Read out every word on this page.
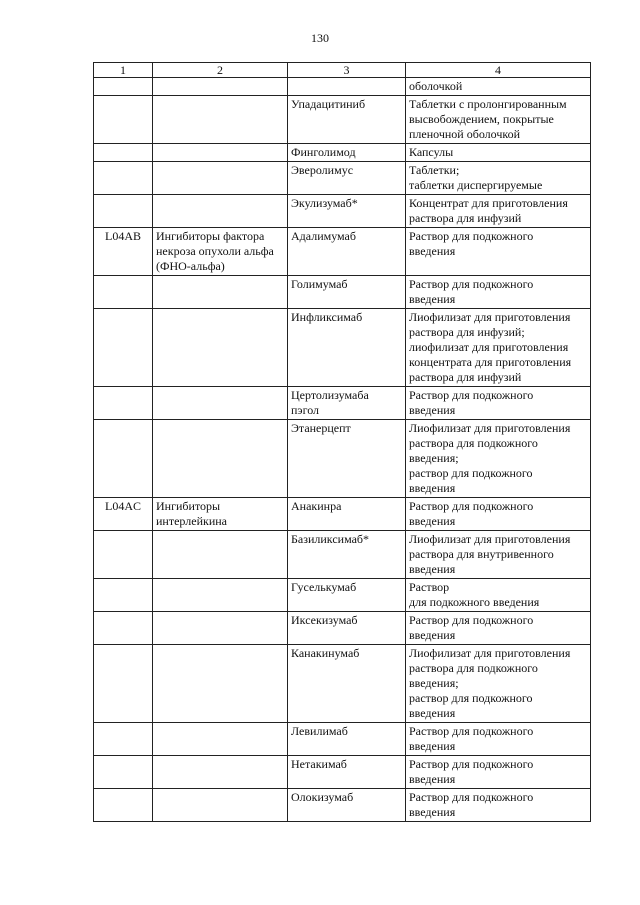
130
1	2	3	4

			оболочкой

		Упадацитиниб	Таблетки с пролонгированным
высвобождением, покрытые
пленочной оболочкой

		Финголимод	Капсулы

		Эверолимус	Таблетки;
таблетки диспергируемые

		Экулизумаб*	Концентрат для приготовления
раствора для инфузий

L04AB	Ингибиторы фактора
некроза опухоли альфа
(ФНО-альфа)	Адалимумаб	Раствор для подкожного
введения

		Голимумаб	Раствор для подкожного
введения

		Инфликсимаб	Лиофилизат для приготовления
раствора для инфузий;
лиофилизат для приготовления
концентрата для приготовления
раствора для инфузий

		Цертолизумаба
пэгол	Раствор для подкожного
введения

		Этанерцепт	Лиофилизат для приготовления
раствора для подкожного
введения;
раствор для подкожного
введения

L04AC	Ингибиторы
интерлейкина	Анакинра	Раствор для подкожного
введения

		Базиликсимаб*	Лиофилизат для приготовления
раствора для внутривенного
введения

		Гуселькумаб	Раствор
для подкожного введения

		Иксекизумаб	Раствор для подкожного
введения

		Канакинумаб	Лиофилизат для приготовления
раствора для подкожного
введения;
раствор для подкожного
введения

		Левилимаб	Раствор для подкожного
введения

		Нетакимаб	Раствор для подкожного
введения

		Олокизумаб	Раствор для подкожного
введения
